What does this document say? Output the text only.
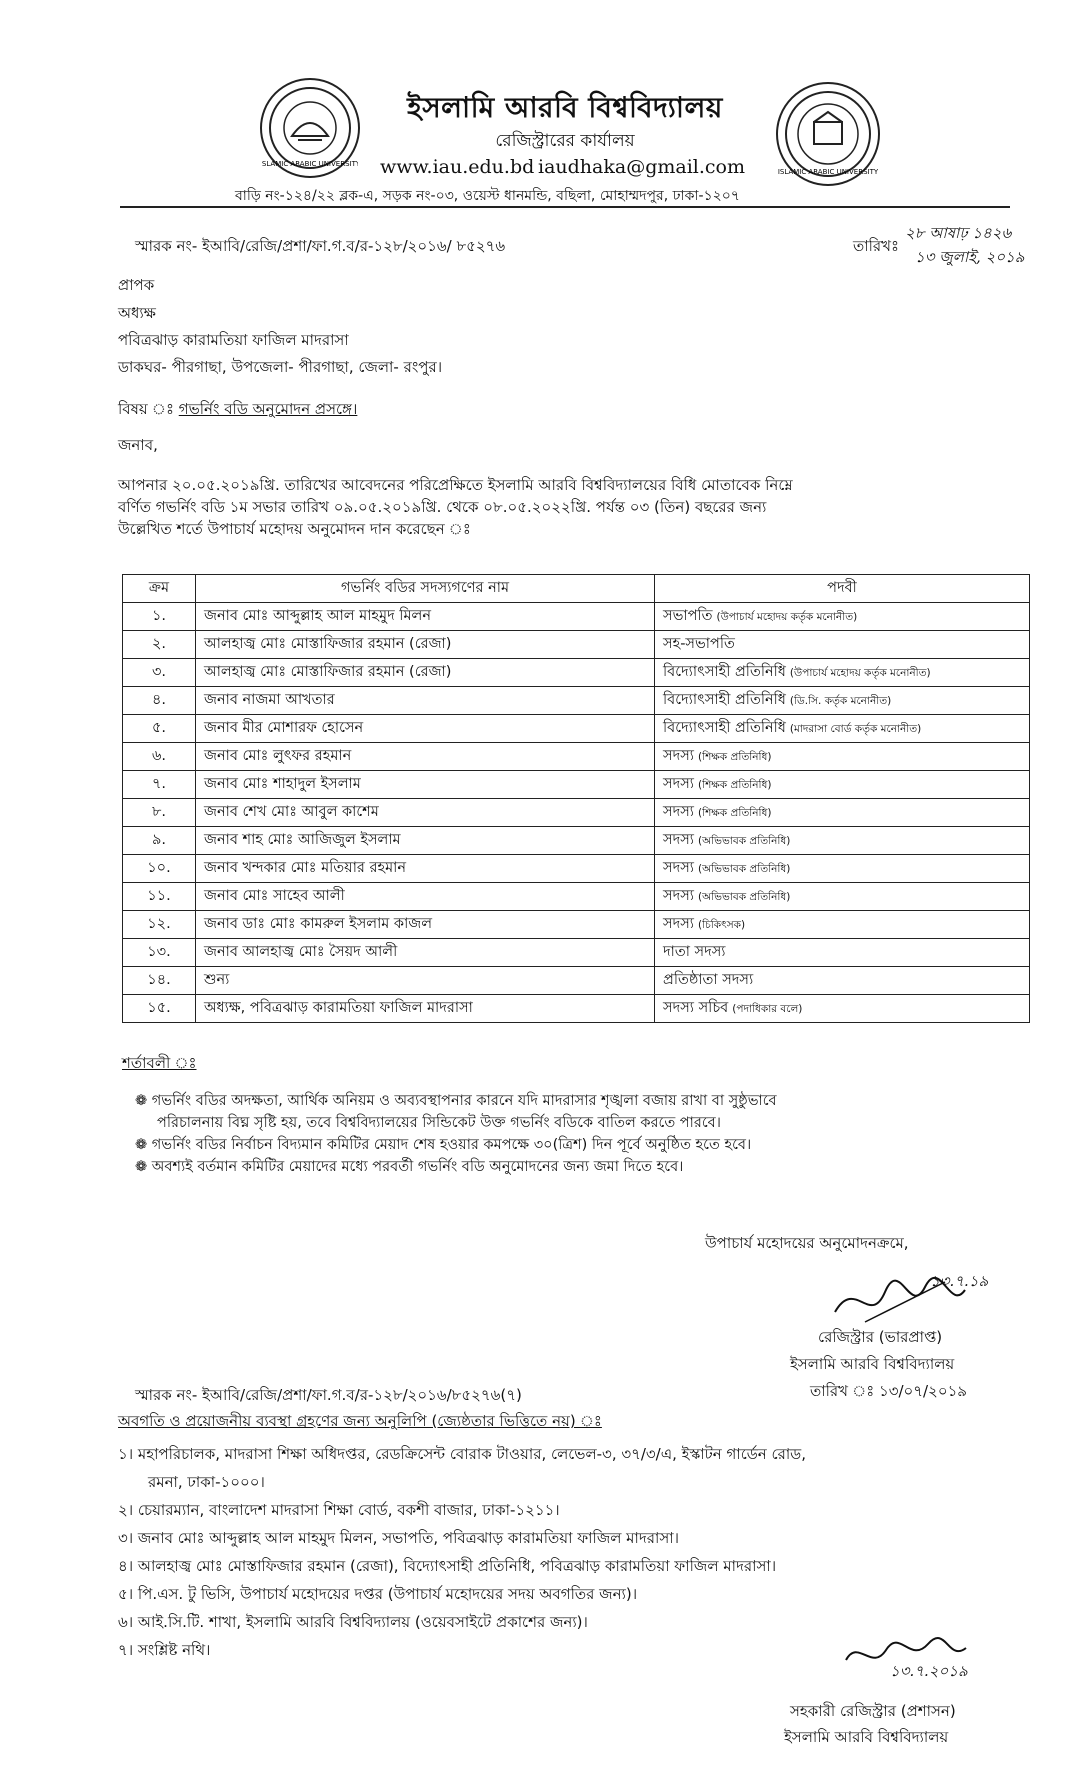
ISLAMIC ARABIC UNIVERSITY
ISLAMIC ARABIC UNIVERSITY
ইসলামি আরবি বিশ্ববিদ্যালয়
রেজিস্ট্রারের কার্যালয়
www.iau.edu.bd iaudhaka@gmail.com
বাড়ি নং-১২৪/২২ ব্লক-এ, সড়ক নং-০৩, ওয়েস্ট ধানমন্ডি, বছিলা, মোহাম্মদপুর, ঢাকা-১২০৭
স্মারক নং- ইআবি/রেজি/প্রশা/ফা.গ.ব/র-১২৮/২০১৬/ ৮৫২৭৬	তারিখঃ
২৮ আষাঢ় ১৪২৬
১৩ জুলাই, ২০১৯
প্রাপক
অধ্যক্ষ
পবিত্রঝাড় কারামতিয়া ফাজিল মাদরাসা
ডাকঘর- পীরগাছা, উপজেলা- পীরগাছা, জেলা- রংপুর।
বিষয় ঃ গভর্নিং বডি অনুমোদন প্রসঙ্গে।
জনাব,
আপনার ২০.০৫.২০১৯খ্রি. তারিখের আবেদনের পরিপ্রেক্ষিতে ইসলামি আরবি বিশ্ববিদ্যালয়ের বিধি মোতাবেক নিম্নে
বর্ণিত গভর্নিং বডি ১ম সভার তারিখ ০৯.০৫.২০১৯খ্রি. থেকে ০৮.০৫.২০২২খ্রি. পর্যন্ত ০৩ (তিন) বছরের জন্য
উল্লেখিত শর্তে উপাচার্য মহোদয় অনুমোদন দান করেছেন ঃ
ক্রম	গভর্নিং বডির সদস্যগণের নাম	পদবী
১.	জনাব মোঃ আব্দুল্লাহ আল মাহমুদ মিলন	সভাপতি (উপাচার্য মহোদয় কর্তৃক মনোনীত)
২.	আলহাজ্ব মোঃ মোস্তাফিজার রহমান (রেজা)	সহ-সভাপতি
৩.	আলহাজ্ব মোঃ মোস্তাফিজার রহমান (রেজা)	বিদ্যোৎসাহী প্রতিনিধি (উপাচার্য মহোদয় কর্তৃক মনোনীত)
৪.	জনাব নাজমা আখতার	বিদ্যোৎসাহী প্রতিনিধি (ডি.সি. কর্তৃক মনোনীত)
৫.	জনাব মীর মোশারফ হোসেন	বিদ্যোৎসাহী প্রতিনিধি (মাদরাসা বোর্ড কর্তৃক মনোনীত)
৬.	জনাব মোঃ লুৎফর রহমান	সদস্য (শিক্ষক প্রতিনিধি)
৭.	জনাব মোঃ শাহাদুল ইসলাম	সদস্য (শিক্ষক প্রতিনিধি)
৮.	জনাব শেখ মোঃ আবুল কাশেম	সদস্য (শিক্ষক প্রতিনিধি)
৯.	জনাব শাহ মোঃ আজিজুল ইসলাম	সদস্য (অভিভাবক প্রতিনিধি)
১০.	জনাব খন্দকার মোঃ মতিয়ার রহমান	সদস্য (অভিভাবক প্রতিনিধি)
১১.	জনাব মোঃ সাহেব আলী	সদস্য (অভিভাবক প্রতিনিধি)
১২.	জনাব ডাঃ মোঃ কামরুল ইসলাম কাজল	সদস্য (চিকিৎসক)
১৩.	জনাব আলহাজ্ব মোঃ সৈয়দ আলী	দাতা সদস্য
১৪.	শুন্য	প্রতিষ্ঠাতা সদস্য
১৫.	অধ্যক্ষ, পবিত্রঝাড় কারামতিয়া ফাজিল মাদরাসা	সদস্য সচিব (পদাধিকার বলে)
শর্তাবলী ঃ
❁ গভর্নিং বডির অদক্ষতা, আর্থিক অনিয়ম ও অব্যবস্থাপনার কারনে যদি মাদরাসার শৃঙ্খলা বজায় রাখা বা সুষ্ঠুভাবে
পরিচালনায় বিঘ্ন সৃষ্টি হয়, তবে বিশ্ববিদ্যালয়ের সিন্ডিকেট উক্ত গভর্নিং বডিকে বাতিল করতে পারবে।
❁ গভর্নিং বডির নির্বাচন বিদ্যমান কমিটির মেয়াদ শেষ হওয়ার কমপক্ষে ৩০(ত্রিশ) দিন পূর্বে অনুষ্ঠিত হতে হবে।
❁ অবশ্যই বর্তমান কমিটির মেয়াদের মধ্যে পরবর্তী গভর্নিং বডি অনুমোদনের জন্য জমা দিতে হবে।
উপাচার্য মহোদয়ের অনুমোদনক্রমে,
১৩.৭.১৯
রেজিস্ট্রার (ভারপ্রাপ্ত)
ইসলামি আরবি বিশ্ববিদ্যালয়
তারিখ ঃ ১৩/০৭/২০১৯
স্মারক নং- ইআবি/রেজি/প্রশা/ফা.গ.ব/র-১২৮/২০১৬/৮৫২৭৬(৭)
অবগতি ও প্রয়োজনীয় ব্যবস্থা গ্রহণের জন্য অনুলিপি (জ্যেষ্ঠতার ভিত্তিতে নয়) ঃ
১। মহাপরিচালক, মাদরাসা শিক্ষা অধিদপ্তর, রেডক্রিসেন্ট বোরাক টাওয়ার, লেভেল-৩, ৩৭/৩/এ, ইস্কাটন গার্ডেন রোড,
রমনা, ঢাকা-১০০০।
২। চেয়ারম্যান, বাংলাদেশ মাদরাসা শিক্ষা বোর্ড, বকশী বাজার, ঢাকা-১২১১।
৩। জনাব মোঃ আব্দুল্লাহ আল মাহমুদ মিলন, সভাপতি, পবিত্রঝাড় কারামতিয়া ফাজিল মাদরাসা।
৪। আলহাজ্ব মোঃ মোস্তাফিজার রহমান (রেজা), বিদ্যোৎসাহী প্রতিনিধি, পবিত্রঝাড় কারামতিয়া ফাজিল মাদরাসা।
৫। পি.এস. টু ভিসি, উপাচার্য মহোদয়ের দপ্তর (উপাচার্য মহোদয়ের সদয় অবগতির জন্য)।
৬। আই.সি.টি. শাখা, ইসলামি আরবি বিশ্ববিদ্যালয় (ওয়েবসাইটে প্রকাশের জন্য)।
৭। সংশ্লিষ্ট নথি।
১৩.৭.২০১৯
সহকারী রেজিস্ট্রার (প্রশাসন)
ইসলামি আরবি বিশ্ববিদ্যালয়
